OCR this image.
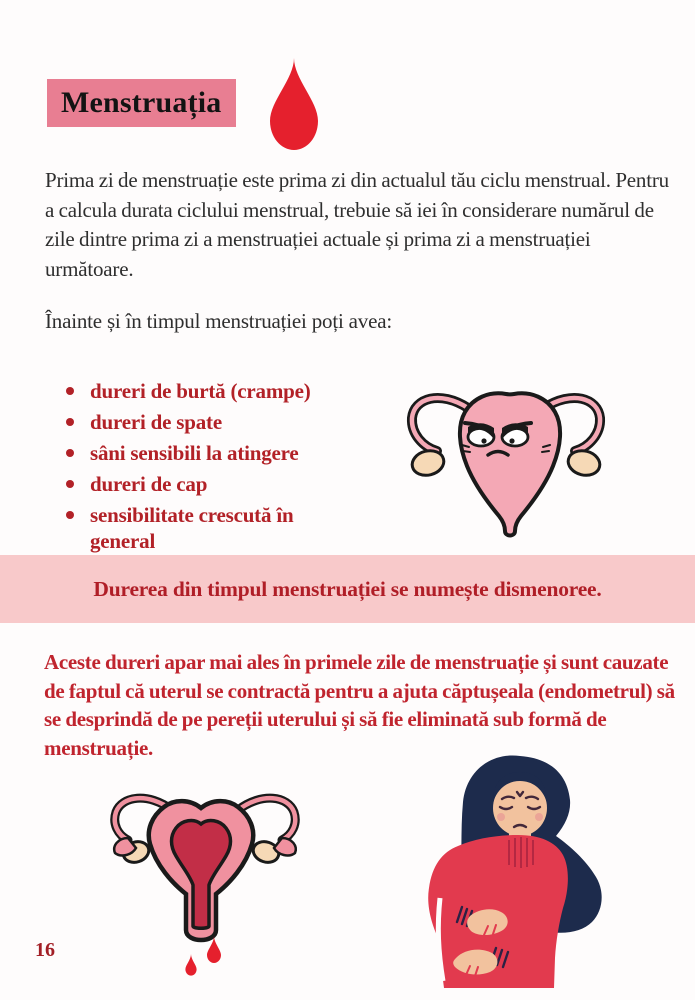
Menstruația

Prima zi de menstruație este prima zi din actualul tău ciclu menstrual. Pentru a calcula durata ciclului menstrual, trebuie să iei în considerare numărul de zile dintre prima zi a menstruației actuale și prima zi a menstruației următoare.

Înainte și în timpul menstruației poți avea:

dureri de burtă (crampe)
dureri de spate
sâni sensibili la atingere
dureri de cap
sensibilitate crescută în general

Durerea din timpul menstruației se numește dismenoree.

Aceste dureri apar mai ales în primele zile de menstruație și sunt cauzate de faptul că uterul se contractă pentru a ajuta căptușeala (endometrul) să se desprindă de pe pereții uterului și să fie eliminată sub formă de menstruație.

16
